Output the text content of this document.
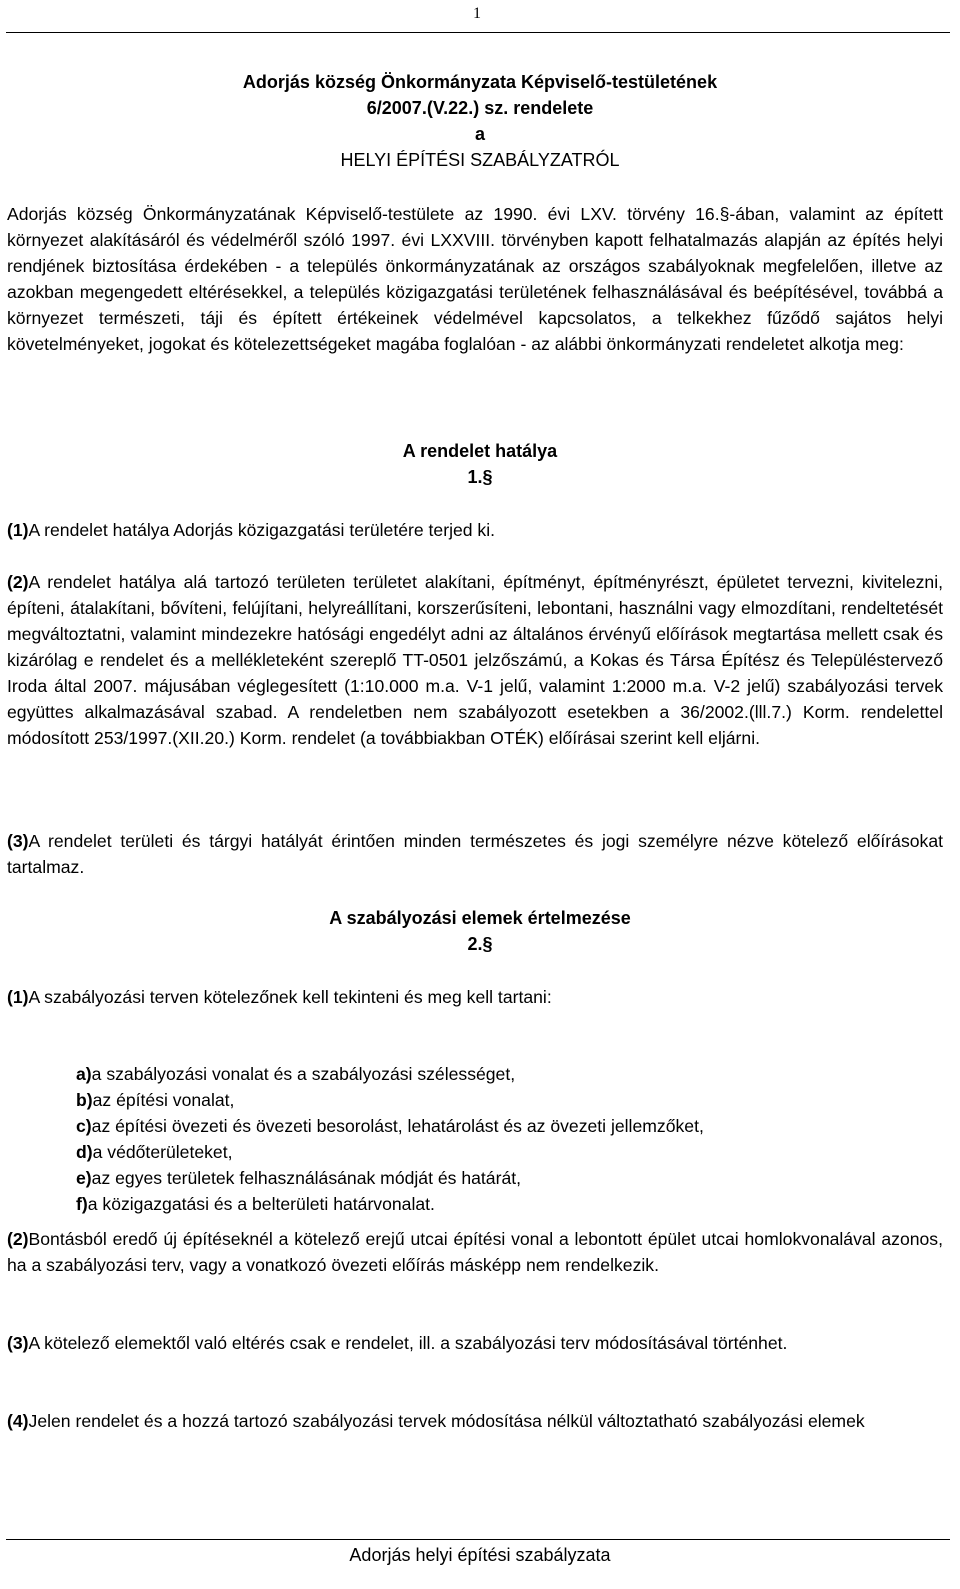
1
Adorjás község Önkormányzata Képviselő-testületének
6/2007.(V.22.) sz. rendelete
a
HELYI ÉPÍTÉSI SZABÁLYZATRÓL

Adorjás község Önkormányzatának Képviselő-testülete az 1990. évi LXV. törvény 16.§-ában, valamint az épített környezet alakításáról és védelméről szóló 1997. évi LXXVIII. törvényben kapott felhatalmazás alapján az építés helyi rendjének biztosítása érdekében - a település önkormányzatának az országos szabályoknak megfelelően, illetve az azokban megengedett eltérésekkel, a település közigazgatási területének felhasználásával és beépítésével, továbbá a környezet természeti, táji és épített értékeinek védelmével kapcsolatos, a telkekhez fűződő sajátos helyi követelményeket, jogokat és kötelezettségeket magába foglalóan - az alábbi önkormányzati rendeletet alkotja meg:

A rendelet hatálya
1.§

(1)A rendelet hatálya Adorjás közigazgatási területére terjed ki.

(2)A rendelet hatálya alá tartozó területen területet alakítani, építményt, építményrészt, épületet tervezni, kivitelezni, építeni, átalakítani, bővíteni, felújítani, helyreállítani, korszerűsíteni, lebontani, használni vagy elmozdítani, rendeltetését megváltoztatni, valamint mindezekre hatósági engedélyt adni az általános érvényű előírások megtartása mellett csak és kizárólag e rendelet és a mellékleteként szereplő TT-0501 jelzőszámú, a Kokas és Társa Építész és Településtervező Iroda által 2007. májusában véglegesített (1:10.000 m.a. V-1 jelű, valamint 1:2000 m.a. V-2 jelű) szabályozási tervek együttes alkalmazásával szabad. A rendeletben nem szabályozott esetekben a 36/2002.(lll.7.) Korm. rendelettel módosított 253/1997.(XII.20.) Korm. rendelet (a továbbiakban OTÉK) előírásai szerint kell eljárni.

(3)A rendelet területi és tárgyi hatályát érintően minden természetes és jogi személyre nézve kötelező előírásokat tartalmaz.

A szabályozási elemek értelmezése
2.§

(1)A szabályozási terven kötelezőnek kell tekinteni és meg kell tartani:

a)a szabályozási vonalat és a szabályozási szélességet,

b)az építési vonalat,

c)az építési övezeti és övezeti besorolást, lehatárolást és az övezeti jellemzőket,

d)a védőterületeket,

e)az egyes területek felhasználásának módját és határát,

f)a közigazgatási és a belterületi határvonalat.

(2)Bontásból eredő új építéseknél a kötelező erejű utcai építési vonal a lebontott épület utcai homlokvonalával azonos, ha a szabályozási terv, vagy a vonatkozó övezeti előírás másképp nem rendelkezik.

(3)A kötelező elemektől való eltérés csak e rendelet, ill. a szabályozási terv módosításával történhet.

(4)Jelen rendelet és a hozzá tartozó szabályozási tervek módosítása nélkül változtatható szabályozási elemek

Adorjás helyi építési szabályzata
